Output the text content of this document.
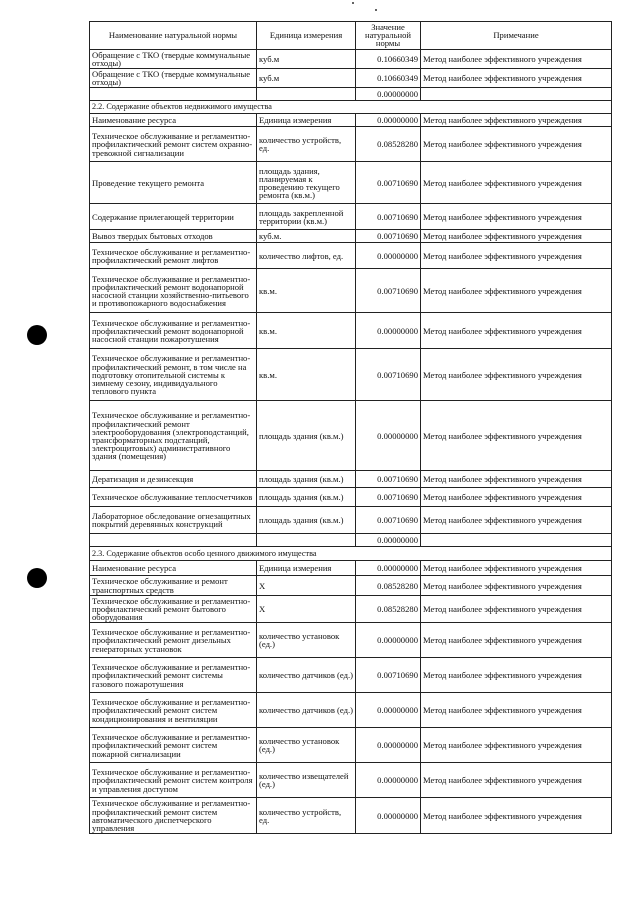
Наименование натуральной нормы	Единица измерения	Значение натуральной нормы	Примечание
Обращение с ТКО (твердые коммунальные отходы)	куб.м	0.10660349	Метод наиболее эффективного учреждения
Обращение с ТКО (твердые коммунальные отходы)	куб.м	0.10660349	Метод наиболее эффективного учреждения
		0.00000000	
2.2. Содержание объектов недвижимого имущества			
Наименование ресурса	Единица измерения	0.00000000	Метод наиболее эффективного учреждения
Техническое обслуживание и регламентно-профилактический ремонт систем охранно-тревожной сигнализации	количество устройств, ед.	0.08528280	Метод наиболее эффективного учреждения
Проведение текущего ремонта	площадь здания, планируемая к проведению текущего ремонта (кв.м.)	0.00710690	Метод наиболее эффективного учреждения
Содержание прилегающей территории	площадь закрепленной территории (кв.м.)	0.00710690	Метод наиболее эффективного учреждения
Вывоз твердых бытовых отходов	куб.м.	0.00710690	Метод наиболее эффективного учреждения
Техническое обслуживание и регламентно-профилактический ремонт лифтов	количество лифтов, ед.	0.00000000	Метод наиболее эффективного учреждения
Техническое обслуживание и регламентно-профилактический ремонт водонапорной насосной станции хозяйственно-питьевого и противопожарного водоснабжения	кв.м.	0.00710690	Метод наиболее эффективного учреждения
Техническое обслуживание и регламентно-профилактический ремонт водонапорной насосной станции пожаротушения	кв.м.	0.00000000	Метод наиболее эффективного учреждения
Техническое обслуживание и регламентно-профилактический ремонт, в том числе на подготовку отопительной системы к зимнему сезону, индивидуального теплового пункта	кв.м.	0.00710690	Метод наиболее эффективного учреждения
Техническое обслуживание и регламентно-профилактический ремонт электрооборудования (электроподстанций, трансформаторных подстанций, электрощитовых) административного здания (помещения)	площадь здания (кв.м.)	0.00000000	Метод наиболее эффективного учреждения
Дератизация и дезинсекция	площадь здания (кв.м.)	0.00710690	Метод наиболее эффективного учреждения
Техническое обслуживание теплосчетчиков	площадь здания (кв.м.)	0.00710690	Метод наиболее эффективного учреждения
Лабораторное обследование огнезащитных покрытий деревянных конструкций	площадь здания (кв.м.)	0.00710690	Метод наиболее эффективного учреждения
		0.00000000	
2.3. Содержание объектов особо ценного движимого имущества			
Наименование ресурса	Единица измерения	0.00000000	Метод наиболее эффективного учреждения
Техническое обслуживание и ремонт транспортных средств	X	0.08528280	Метод наиболее эффективного учреждения
Техническое обслуживание и регламентно-профилактический ремонт бытового оборудования	X	0.08528280	Метод наиболее эффективного учреждения
Техническое обслуживание и регламентно-профилактический ремонт дизельных генераторных установок	количество установок (ед.)	0.00000000	Метод наиболее эффективного учреждения
Техническое обслуживание и регламентно-профилактический ремонт системы газового пожаротушения	количество датчиков (ед.)	0.00710690	Метод наиболее эффективного учреждения
Техническое обслуживание и регламентно-профилактический ремонт систем кондиционирования и вентиляции	количество датчиков (ед.)	0.00000000	Метод наиболее эффективного учреждения
Техническое обслуживание и регламентно-профилактический ремонт систем пожарной сигнализации	количество установок (ед.)	0.00000000	Метод наиболее эффективного учреждения
Техническое обслуживание и регламентно-профилактический ремонт систем контроля и управления доступом	количество извещателей (ед.)	0.00000000	Метод наиболее эффективного учреждения
Техническое обслуживание и регламентно-профилактический ремонт систем автоматического диспетчерского управления	количество устройств, ед.	0.00000000	Метод наиболее эффективного учреждения
